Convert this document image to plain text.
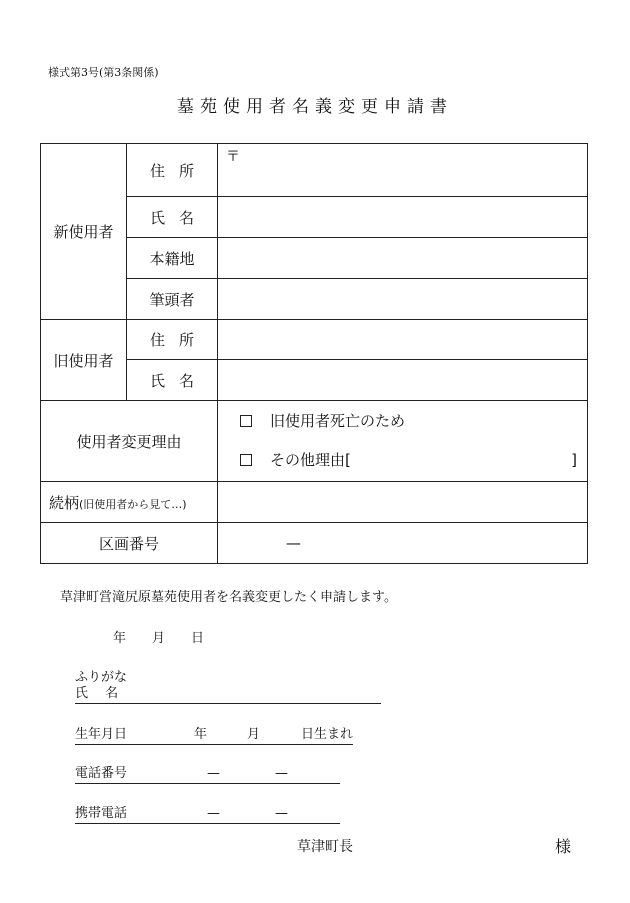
様式第3号(第3条関係)
墓苑使用者名義変更申請書
新使用者	住所	〒
	氏名	
	本籍地	
	筆頭者	
旧使用者	住所	
	氏名	
使用者変更理由		旧使用者死亡のため
その他理由[ ]

続柄(旧使用者から見て…)		
区画番号		—
草津町営滝尻原墓苑使用者を名義変更したく申請します。
年 月 日
ふりがな
氏　 名
生年月日	年	月	日生まれ
電話番号	—	—
携帯電話	—	—
草津町長	様
